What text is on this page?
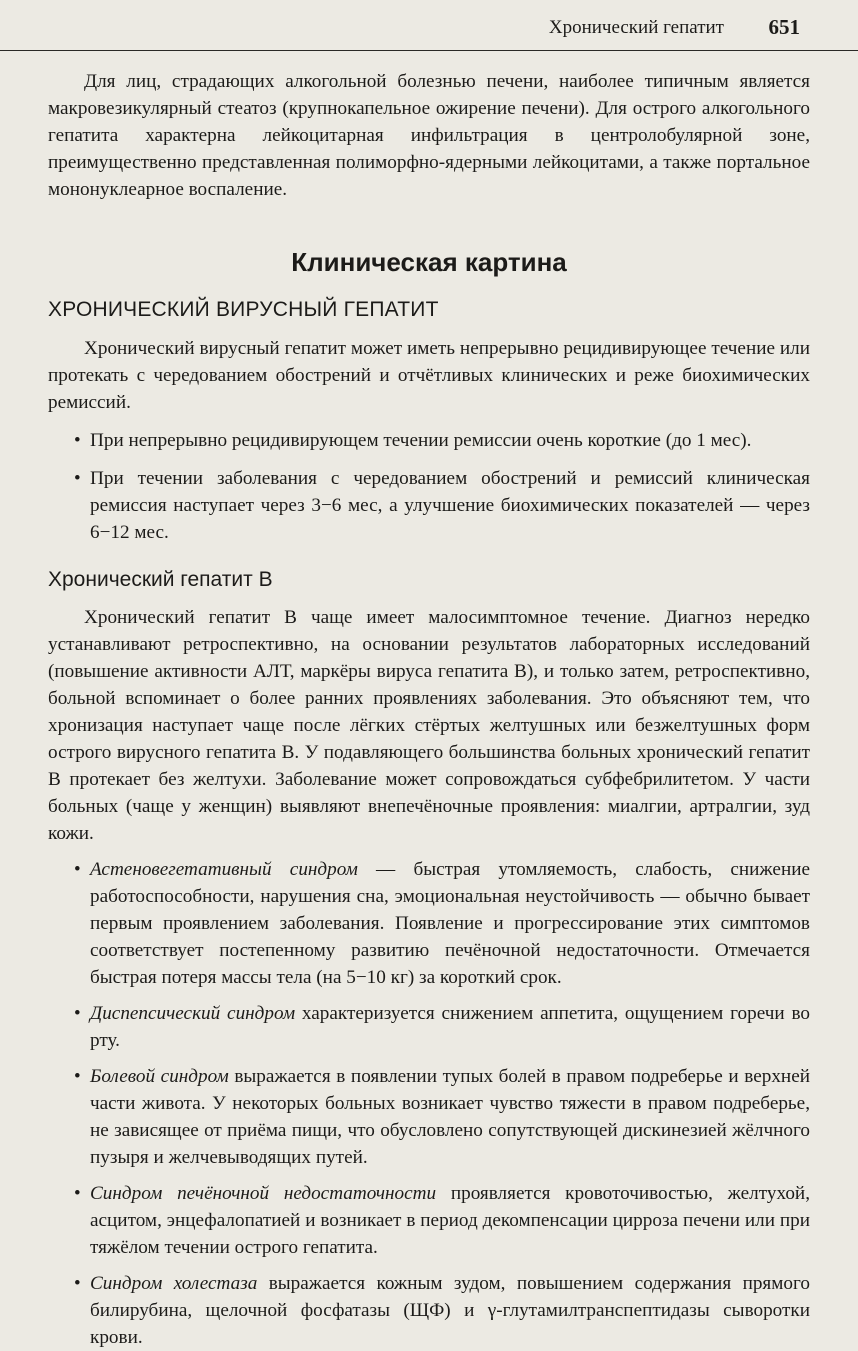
Хронический гепатит 651

Для лиц, страдающих алкогольной болезнью печени, наиболее типичным является макровезикулярный стеатоз (крупнокапельное ожирение печени). Для острого алкогольного гепатита характерна лейкоцитарная инфильтрация в центролобулярной зоне, преимущественно представленная полиморфно-ядерными лейкоцитами, а также портальное мононуклеарное воспаление.

Клиническая картина
ХРОНИЧЕСКИЙ ВИРУСНЫЙ ГЕПАТИТ

Хронический вирусный гепатит может иметь непрерывно рецидивирующее течение или протекать с чередованием обострений и отчётливых клинических и реже биохимических ремиссий.

• При непрерывно рецидивирующем течении ремиссии очень короткие (до 1 мес).
• При течении заболевания с чередованием обострений и ремиссий клиническая ремиссия наступает через 3−6 мес, а улучшение биохимических показателей — через 6−12 мес.
Хронический гепатит В

Хронический гепатит В чаще имеет малосимптомное течение. Диагноз нередко устанавливают ретроспективно, на основании результатов лабораторных исследований (повышение активности АЛТ, маркёры вируса гепатита В), и только затем, ретроспективно, больной вспоминает о более ранних проявлениях заболевания. Это объясняют тем, что хронизация наступает чаще после лёгких стёртых желтушных или безжелтушных форм острого вирусного гепатита В. У подавляющего большинства больных хронический гепатит В протекает без желтухи. Заболевание может сопровождаться субфебрилитетом. У части больных (чаще у женщин) выявляют внепечёночные проявления: миалгии, артралгии, зуд кожи.

• Астеновегетативный синдром — быстрая утомляемость, слабость, снижение работоспособности, нарушения сна, эмоциональная неустойчивость — обычно бывает первым проявлением заболевания. Появление и прогрессирование этих симптомов соответствует постепенному развитию печёночной недостаточности. Отмечается быстрая потеря массы тела (на 5−10 кг) за короткий срок.
• Диспепсический синдром характеризуется снижением аппетита, ощущением горечи во рту.
• Болевой синдром выражается в появлении тупых болей в правом подреберье и верхней части живота. У некоторых больных возникает чувство тяжести в правом подреберье, не зависящее от приёма пищи, что обусловлено сопутствующей дискинезией жёлчного пузыря и желчевыводящих путей.
• Синдром печёночной недостаточности проявляется кровоточивостью, желтухой, асцитом, энцефалопатией и возникает в период декомпенсации цирроза печени или при тяжёлом течении острого гепатита.
• Синдром холестаза выражается кожным зудом, повышением содержания прямого билирубина, щелочной фосфатазы (ЩФ) и γ-глутамилтранспептидазы сыворотки крови.
